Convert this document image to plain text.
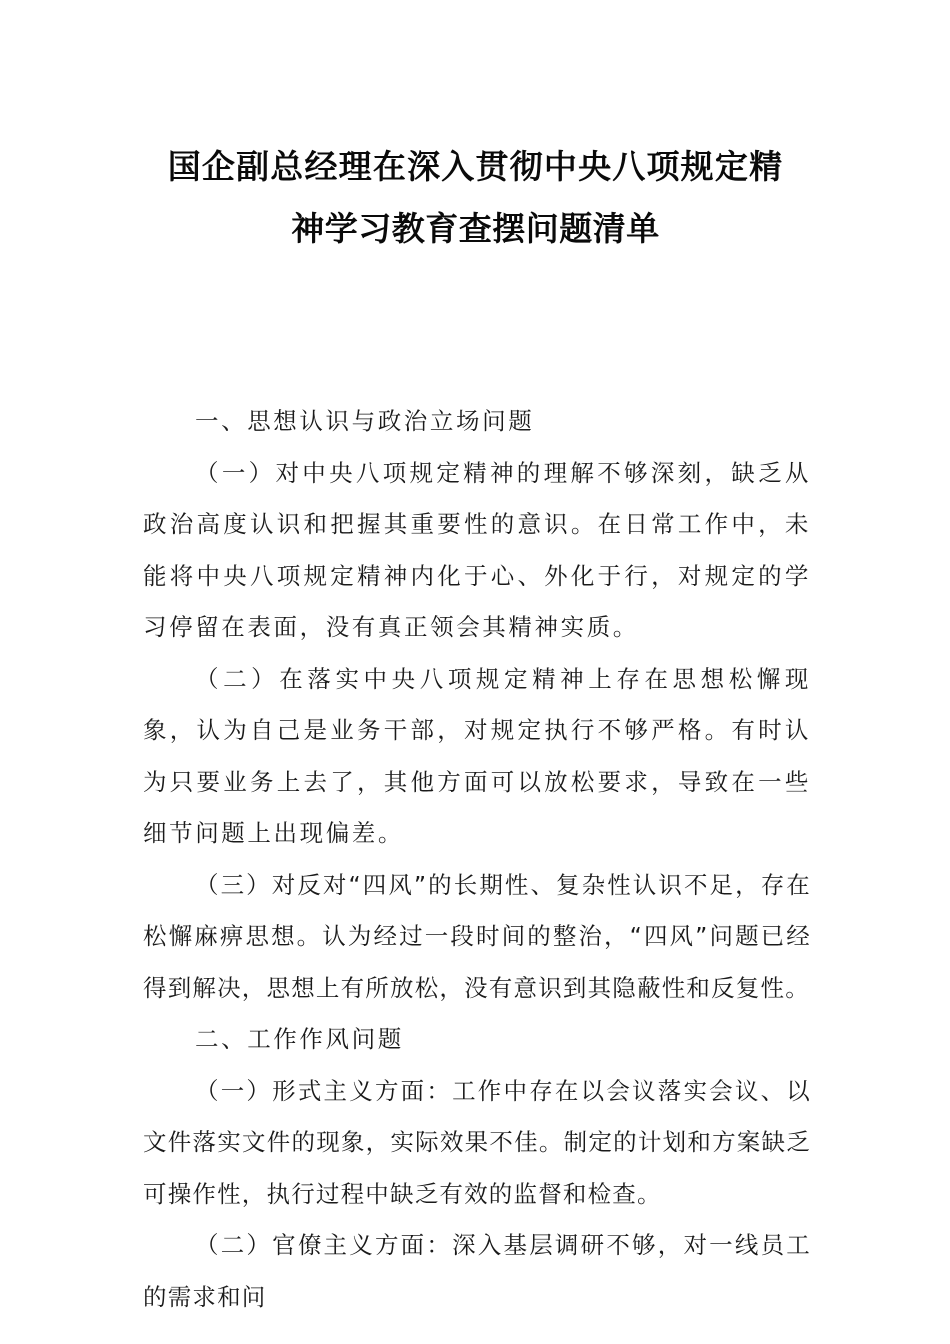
国企副总经理在深入贯彻中央八项规定精
神学习教育查摆问题清单

一、思想认识与政治立场问题

（一）对中央八项规定精神的理解不够深刻，缺乏从政治高度认识和把握其重要性的意识。在日常工作中，未能将中央八项规定精神内化于心、外化于行，对规定的学习停留在表面，没有真正领会其精神实质。

（二）在落实中央八项规定精神上存在思想松懈现象，认为自己是业务干部，对规定执行不够严格。有时认为只要业务上去了，其他方面可以放松要求，导致在一些细节问题上出现偏差。

（三）对反对“四风”的长期性、复杂性认识不足，存在松懈麻痹思想。认为经过一段时间的整治，“四风”问题已经得到解决，思想上有所放松，没有意识到其隐蔽性和反复性。

二、工作作风问题

（一）形式主义方面：工作中存在以会议落实会议、以文件落实文件的现象，实际效果不佳。制定的计划和方案缺乏可操作性，执行过程中缺乏有效的监督和检查。

（二）官僚主义方面：深入基层调研不够，对一线员工的需求和问
